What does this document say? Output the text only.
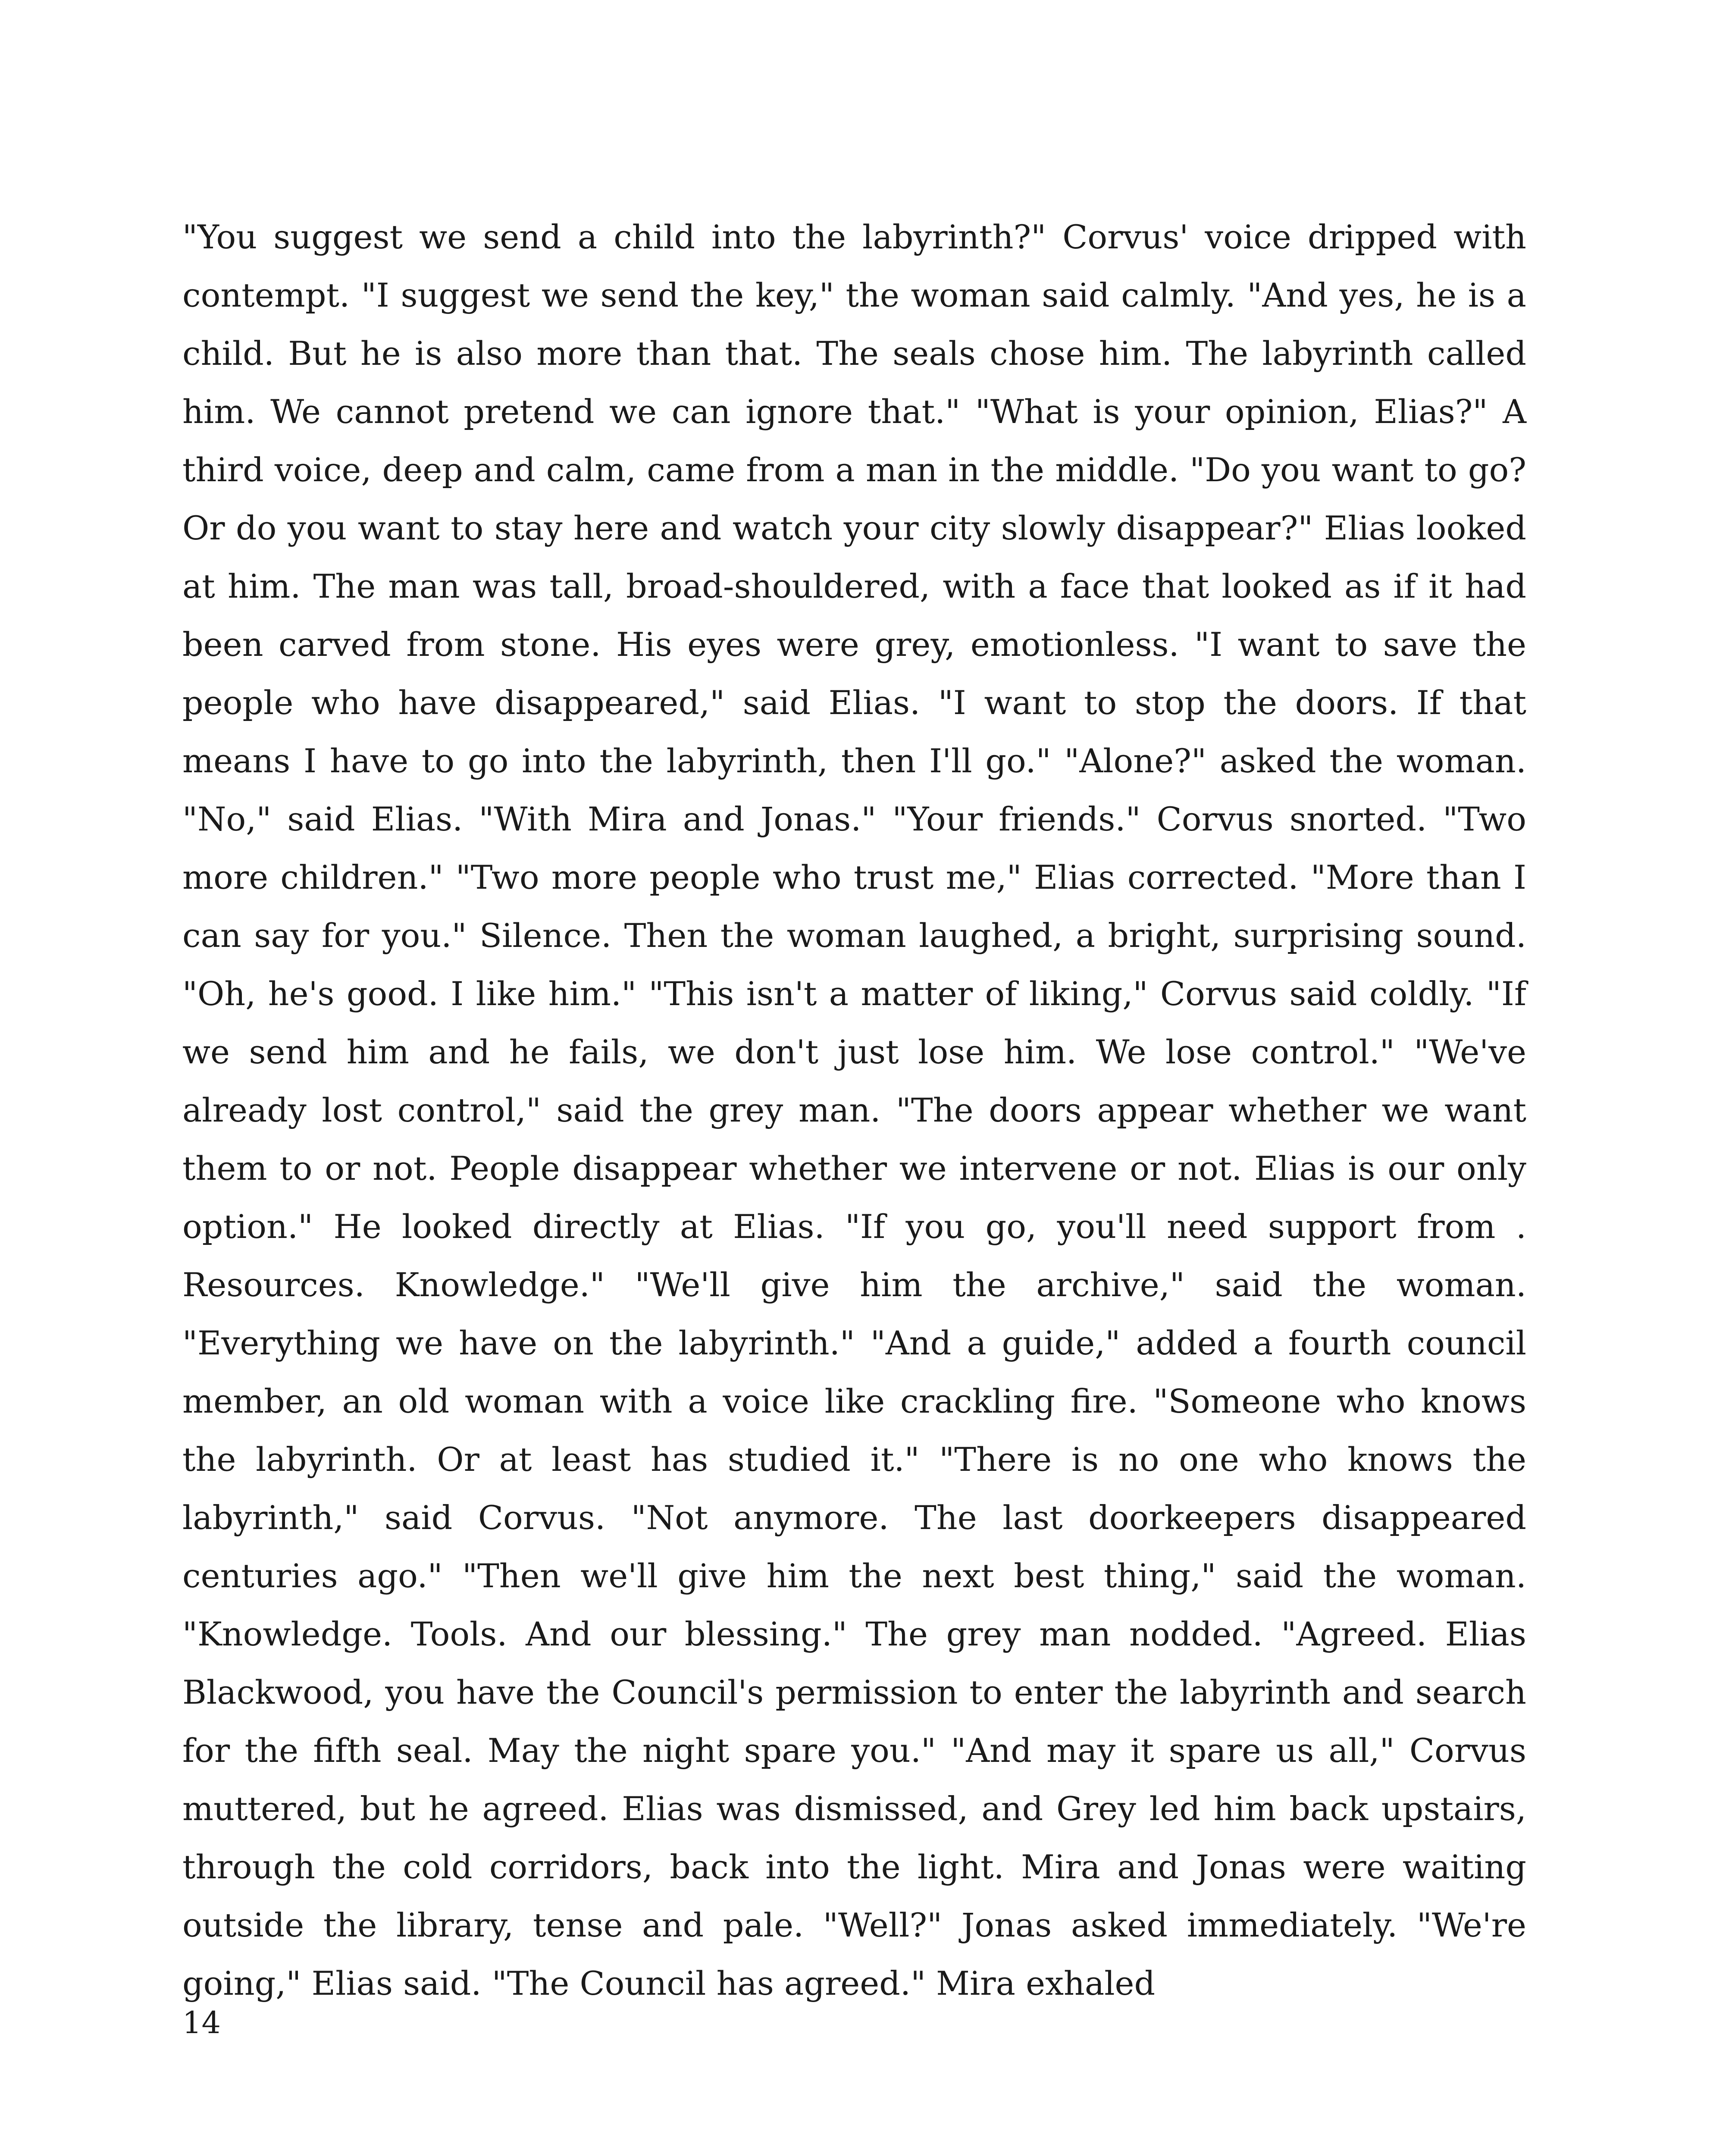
"You suggest we send a child into the labyrinth?" Corvus' voice dripped with contempt. "I suggest we send the key," the woman said calmly. "And yes, he is a child. But he is also more than that. The seals chose him. The labyrinth called him. We cannot pretend we can ignore that." "What is your opinion, Elias?" A third voice, deep and calm, came from a man in the middle. "Do you want to go? Or do you want to stay here and watch your city slowly disappear?" Elias looked at him. The man was tall, broad-shouldered, with a face that looked as if it had been carved from stone. His eyes were grey, emotionless. "I want to save the people who have disappeared," said Elias. "I want to stop the doors. If that means I have to go into the labyrinth, then I'll go." "Alone?" asked the woman. "No," said Elias. "With Mira and Jonas." "Your friends." Corvus snorted. "Two more children." "Two more people who trust me," Elias corrected. "More than I can say for you." Silence. Then the woman laughed, a bright, surprising sound. "Oh, he's good. I like him." "This isn't a matter of liking," Corvus said coldly. "If we send him and he fails, we don't just lose him. We lose control." "We've already lost control," said the grey man. "The doors appear whether we want them to or not. People disappear whether we intervene or not. Elias is our only option." He looked directly at Elias. "If you go, you'll need support from . Resources. Knowledge." "We'll give him the archive," said the woman. "Everything we have on the labyrinth." "And a guide," added a fourth council member, an old woman with a voice like crackling fire. "Someone who knows the labyrinth. Or at least has studied it." "There is no one who knows the labyrinth," said Corvus. "Not anymore. The last doorkeepers disappeared centuries ago." "Then we'll give him the next best thing," said the woman. "Knowledge. Tools. And our blessing." The grey man nodded. "Agreed. Elias Blackwood, you have the Council's permission to enter the labyrinth and search for the fifth seal. May the night spare you." "And may it spare us all," Corvus muttered, but he agreed. Elias was dismissed, and Grey led him back upstairs, through the cold corridors, back into the light. Mira and Jonas were waiting outside the library, tense and pale. "Well?" Jonas asked immediately. "We're going," Elias said. "The Council has agreed." Mira exhaled

14
